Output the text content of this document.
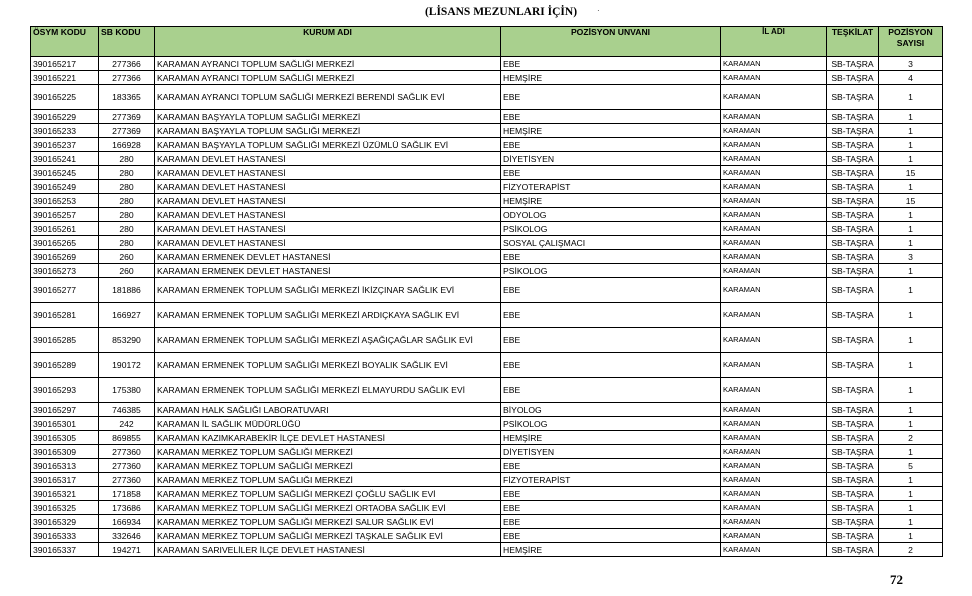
(LİSANS MEZUNLARI İÇİN)	·
ÖSYM KODU	SB KODU	KURUM ADI	POZİSYON UNVANI	İL ADI	TEŞKİLAT	POZİSYON SAYISI
390165217	277366	KARAMAN AYRANCI TOPLUM SAĞLIĞI MERKEZİ	EBE	KARAMAN	SB-TAŞRA	3
390165221	277366	KARAMAN AYRANCI TOPLUM SAĞLIĞI MERKEZİ	HEMŞİRE	KARAMAN	SB-TAŞRA	4
390165225	183365	KARAMAN AYRANCI TOPLUM SAĞLIĞI MERKEZİ BERENDİ SAĞLIK EVİ	EBE	KARAMAN	SB-TAŞRA	1
390165229	277369	KARAMAN BAŞYAYLA TOPLUM SAĞLIĞI MERKEZİ	EBE	KARAMAN	SB-TAŞRA	1
390165233	277369	KARAMAN BAŞYAYLA TOPLUM SAĞLIĞI MERKEZİ	HEMŞİRE	KARAMAN	SB-TAŞRA	1
390165237	166928	KARAMAN BAŞYAYLA TOPLUM SAĞLIĞI MERKEZİ ÜZÜMLÜ SAĞLIK EVİ	EBE	KARAMAN	SB-TAŞRA	1
390165241	280	KARAMAN DEVLET HASTANESİ	DİYETİSYEN	KARAMAN	SB-TAŞRA	1
390165245	280	KARAMAN DEVLET HASTANESİ	EBE	KARAMAN	SB-TAŞRA	15
390165249	280	KARAMAN DEVLET HASTANESİ	FİZYOTERAPİST	KARAMAN	SB-TAŞRA	1
390165253	280	KARAMAN DEVLET HASTANESİ	HEMŞİRE	KARAMAN	SB-TAŞRA	15
390165257	280	KARAMAN DEVLET HASTANESİ	ODYOLOG	KARAMAN	SB-TAŞRA	1
390165261	280	KARAMAN DEVLET HASTANESİ	PSİKOLOG	KARAMAN	SB-TAŞRA	1
390165265	280	KARAMAN DEVLET HASTANESİ	SOSYAL ÇALIŞMACI	KARAMAN	SB-TAŞRA	1
390165269	260	KARAMAN ERMENEK DEVLET HASTANESİ	EBE	KARAMAN	SB-TAŞRA	3
390165273	260	KARAMAN ERMENEK DEVLET HASTANESİ	PSİKOLOG	KARAMAN	SB-TAŞRA	1
390165277	181886	KARAMAN ERMENEK TOPLUM SAĞLIĞI MERKEZİ İKİZÇINAR SAĞLIK EVİ	EBE	KARAMAN	SB-TAŞRA	1
390165281	166927	KARAMAN ERMENEK TOPLUM SAĞLIĞI MERKEZİ ARDIÇKAYA SAĞLIK EVİ	EBE	KARAMAN	SB-TAŞRA	1
390165285	853290	KARAMAN ERMENEK TOPLUM SAĞLIĞI MERKEZİ AŞAĞIÇAĞLAR SAĞLIK EVİ	EBE	KARAMAN	SB-TAŞRA	1
390165289	190172	KARAMAN ERMENEK TOPLUM SAĞLIĞI MERKEZİ BOYALIK SAĞLIK EVİ	EBE	KARAMAN	SB-TAŞRA	1
390165293	175380	KARAMAN ERMENEK TOPLUM SAĞLIĞI MERKEZİ ELMAYURDU SAĞLIK EVİ	EBE	KARAMAN	SB-TAŞRA	1
390165297	746385	KARAMAN HALK SAĞLIĞI LABORATUVARI	BİYOLOG	KARAMAN	SB-TAŞRA	1
390165301	242	KARAMAN İL SAĞLIK MÜDÜRLÜĞÜ	PSİKOLOG	KARAMAN	SB-TAŞRA	1
390165305	869855	KARAMAN KAZIMKARABEKİR İLÇE DEVLET HASTANESİ	HEMŞİRE	KARAMAN	SB-TAŞRA	2
390165309	277360	KARAMAN MERKEZ TOPLUM SAĞLIĞI MERKEZİ	DİYETİSYEN	KARAMAN	SB-TAŞRA	1
390165313	277360	KARAMAN MERKEZ TOPLUM SAĞLIĞI MERKEZİ	EBE	KARAMAN	SB-TAŞRA	5
390165317	277360	KARAMAN MERKEZ TOPLUM SAĞLIĞI MERKEZİ	FİZYOTERAPİST	KARAMAN	SB-TAŞRA	1
390165321	171858	KARAMAN MERKEZ TOPLUM SAĞLIĞI MERKEZİ ÇOĞLU SAĞLIK EVİ	EBE	KARAMAN	SB-TAŞRA	1
390165325	173686	KARAMAN MERKEZ TOPLUM SAĞLIĞI MERKEZİ ORTAOBA SAĞLIK EVİ	EBE	KARAMAN	SB-TAŞRA	1
390165329	166934	KARAMAN MERKEZ TOPLUM SAĞLIĞI MERKEZİ SALUR SAĞLIK EVİ	EBE	KARAMAN	SB-TAŞRA	1
390165333	332646	KARAMAN MERKEZ TOPLUM SAĞLIĞI MERKEZİ TAŞKALE SAĞLIK EVİ	EBE	KARAMAN	SB-TAŞRA	1
390165337	194271	KARAMAN SARIVELİLER İLÇE DEVLET HASTANESİ	HEMŞİRE	KARAMAN	SB-TAŞRA	2
72
